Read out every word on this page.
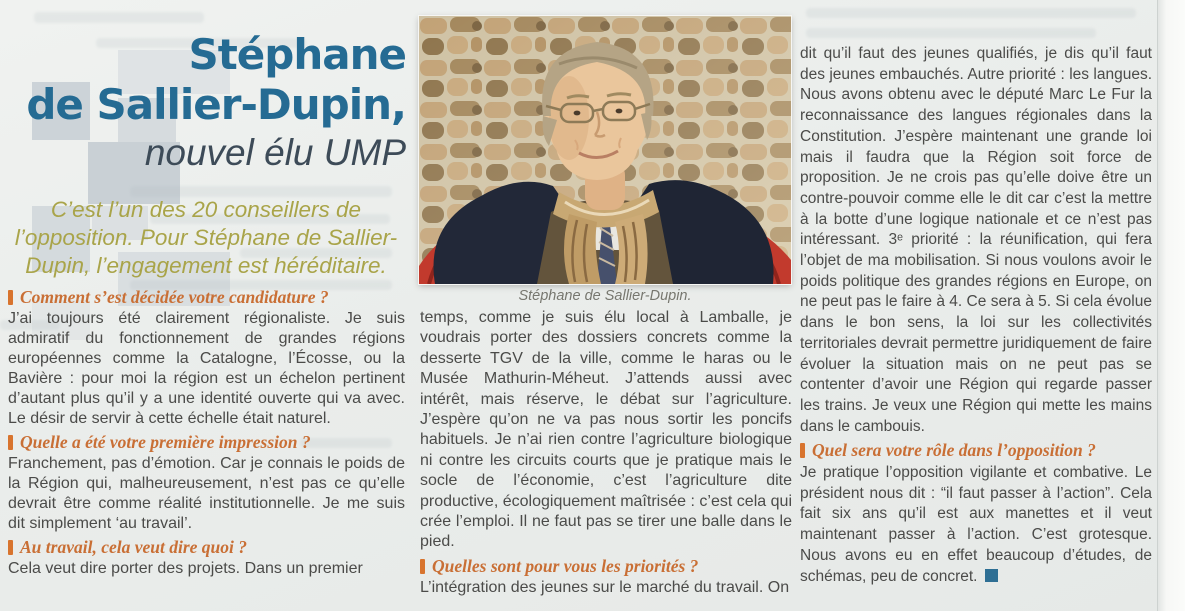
Stéphane
de Sallier-Dupin,
nouvel élu UMP
C’est l’un des 20 conseillers de l’opposition. Pour Stéphane de Sallier-Dupin, l’engagement est héréditaire.
Stéphane de Sallier-Dupin.
Comment s’est décidée votre candidature ?

J’ai toujours été clairement régionaliste. Je suis admiratif du fonctionnement de grandes régions européennes comme la Catalogne, l’Écosse, ou la Bavière : pour moi la région est un échelon pertinent d’autant plus qu’il y a une identité ouverte qui va avec. Le désir de servir à cette échelle était naturel.

Quelle a été votre première impression ?

Franchement, pas d’émotion. Car je connais le poids de la Région qui, malheureusement, n’est pas ce qu’elle devrait être comme réalité institutionnelle. Je me suis dit simplement ‘au travail’.

Au travail, cela veut dire quoi ?

Cela veut dire porter des projets. Dans un premier

temps, comme je suis élu local à Lamballe, je voudrais porter des dossiers concrets comme la desserte TGV de la ville, comme le haras ou le Musée Mathurin-Méheut. J’attends aussi avec intérêt, mais réserve, le débat sur l’agriculture. J’espère qu’on ne va pas nous sortir les poncifs habituels. Je n’ai rien contre l’agriculture biologique ni contre les circuits courts que je pratique mais le socle de l’économie, c’est l’agriculture dite productive, écologiquement maîtrisée : c’est cela qui crée l’emploi. Il ne faut pas se tirer une balle dans le pied.

Quelles sont pour vous les priorités ?

L’intégration des jeunes sur le marché du travail. On

dit qu’il faut des jeunes qualifiés, je dis qu’il faut des jeunes embauchés. Autre priorité : les langues. Nous avons obtenu avec le député Marc Le Fur la reconnaissance des langues régionales dans la Constitution. J’espère maintenant une grande loi mais il faudra que la Région soit force de proposition. Je ne crois pas qu’elle doive être un contre-pouvoir comme elle le dit car c’est la mettre à la botte d’une logique nationale et ce n’est pas intéressant. 3ᵉ priorité : la réunification, qui fera l’objet de ma mobilisation. Si nous voulons avoir le poids politique des grandes régions en Europe, on ne peut pas le faire à 4. Ce sera à 5. Si cela évolue dans le bon sens, la loi sur les collectivités territoriales devrait permettre juridiquement de faire évoluer la situation mais on ne peut pas se contenter d’avoir une Région qui regarde passer les trains. Je veux une Région qui mette les mains dans le cambouis.

Quel sera votre rôle dans l’opposition ?

Je pratique l’opposition vigilante et combative. Le président nous dit : “il faut passer à l’action”. Cela fait six ans qu’il est aux manettes et il veut maintenant passer à l’action. C’est grotesque. Nous avons eu en effet beaucoup d’études, de schémas, peu de concret.
